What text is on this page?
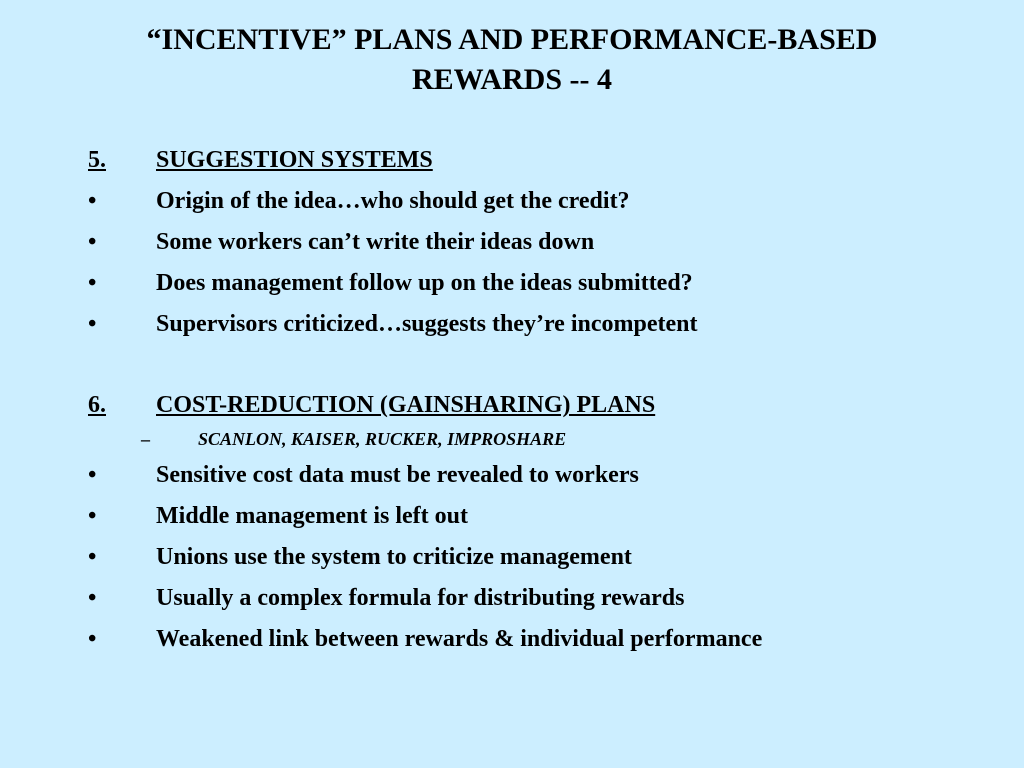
“INCENTIVE” PLANS AND PERFORMANCE-BASED
REWARDS -- 4
5.	SUGGESTION SYSTEMS
• Origin of the idea…who should get the credit?
• Some workers can’t write their ideas down
• Does management follow up on the ideas submitted?
• Supervisors criticized…suggests they’re incompetent
6.	COST-REDUCTION (GAINSHARING) PLANS
–	SCANLON, KAISER, RUCKER, IMPROSHARE
• Sensitive cost data must be revealed to workers
• Middle management is left out
• Unions use the system to criticize management
• Usually a complex formula for distributing rewards
• Weakened link between rewards & individual performance
